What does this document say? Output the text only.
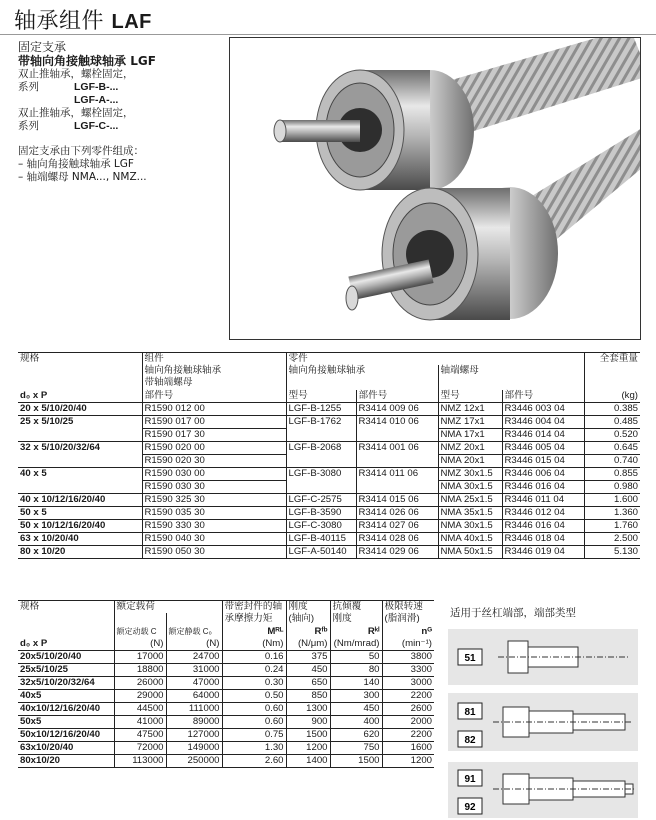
轴承组件 LAF
固定支承
带轴向角接触球轴承 LGF
双止推轴承，螺栓固定，
系列	LGF-B-...
LGF-A-...
双止推轴承，螺栓固定，
系列	LGF-C-...
固定支承由下列零件组成：
– 轴向角接触球轴承 LGF
– 轴端螺母 NMA..., NMZ...
规格	组件	零件				全套重量
	轴向角接触球轴承	轴向角接触球轴承		轴端螺母		
	带轴端螺母					
d₀ x P	部件号	型号	部件号	型号	部件号	(kg)
20 x 5/10/20/40	R1590 012 00	LGF-B-1255	R3414 009 06	NMZ 12x1	R3446 003 04	0.385
25 x 5/10/25	R1590 017 00	LGF-B-1762	R3414 010 06	NMZ 17x1	R3446 004 04	0.485
	R1590 017 30			NMA 17x1	R3446 014 04	0.520
32 x 5/10/20/32/64	R1590 020 00	LGF-B-2068	R3414 001 06	NMZ 20x1	R3446 005 04	0.645
	R1590 020 30			NMA 20x1	R3446 015 04	0.740
40 x 5	R1590 030 00	LGF-B-3080	R3414 011 06	NMZ 30x1.5	R3446 006 04	0.855
	R1590 030 30			NMA 30x1.5	R3446 016 04	0.980
40 x 10/12/16/20/40	R1590 325 30	LGF-C-2575	R3414 015 06	NMA 25x1.5	R3446 011 04	1.600
50 x 5	R1590 035 30	LGF-B-3590	R3414 026 06	NMA 35x1.5	R3446 012 04	1.360
50 x 10/12/16/20/40	R1590 330 30	LGF-C-3080	R3414 027 06	NMA 30x1.5	R3446 016 04	1.760
63 x 10/20/40	R1590 040 30	LGF-B-40115	R3414 028 06	NMA 40x1.5	R3446 018 04	2.500
80 x 10/20	R1590 050 30	LGF-A-50140	R3414 029 06	NMA 50x1.5	R3446 019 04	5.130
规格	额定载荷		带密封件的轴	刚度	抗倾覆	极限转速
			承摩擦力矩	(轴向)	刚度	(脂润滑)
	额定动载 C	额定静载 C₀	Mᴿᴸ	Rᶠᵇ	Rᵏˡ	nᴳ
d₀ x P	(N)	(N)	(Nm)	(N/μm)	(Nm/mrad)	(min⁻¹)
20x5/10/20/40	17000	24700	0.16	375	50	3800
25x5/10/25	18800	31000	0.24	450	80	3300
32x5/10/20/32/64	26000	47000	0.30	650	140	3000
40x5	29000	64000	0.50	850	300	2200
40x10/12/16/20/40	44500	111000	0.60	1300	450	2600
50x5	41000	89000	0.60	900	400	2000
50x10/12/16/20/40	47500	127000	0.75	1500	620	2200
63x10/20/40	72000	149000	1.30	1200	750	1600
80x10/20	113000	250000	2.60	1400	1500	1200
适用于丝杠端部，端部类型
51
81
82
91
92
